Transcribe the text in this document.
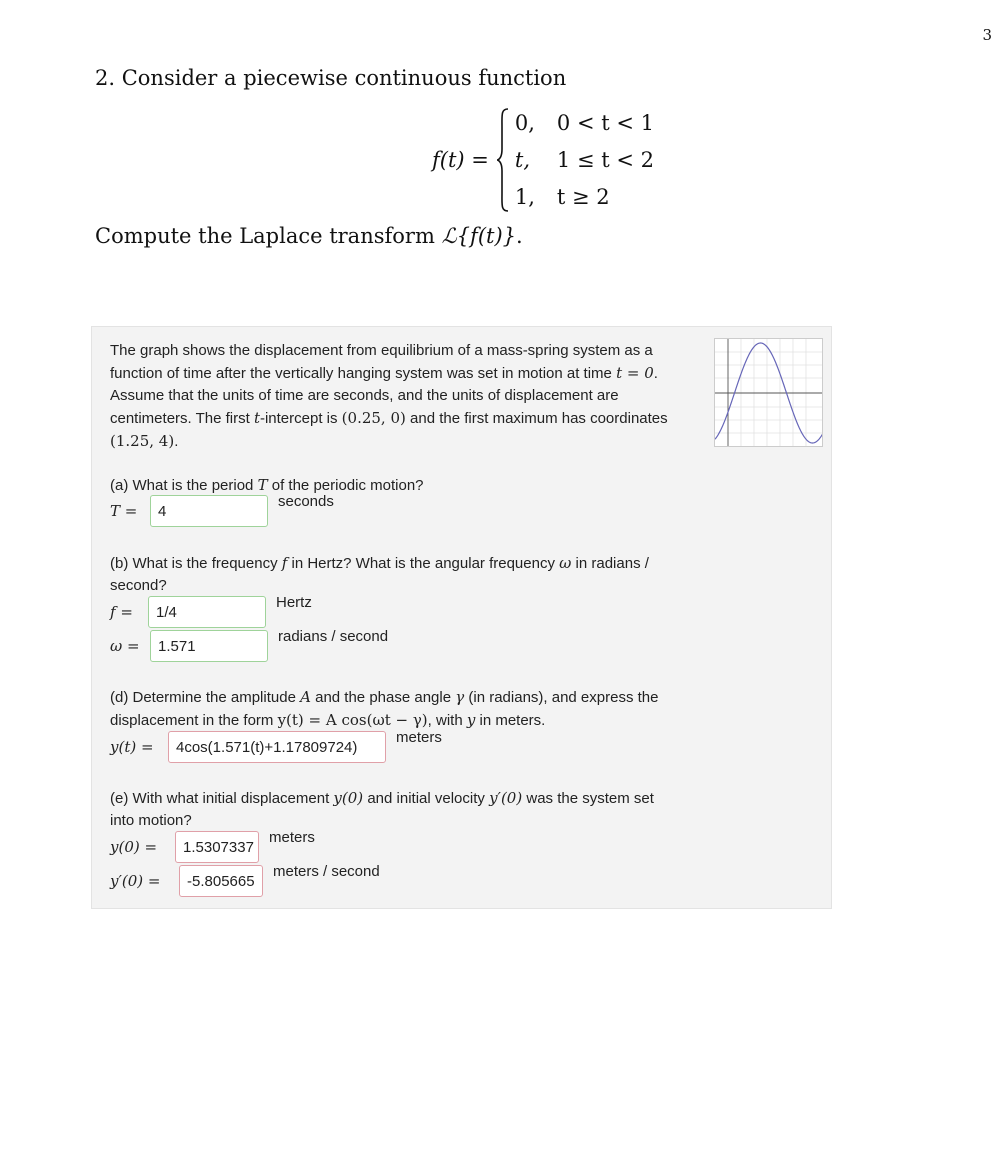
3
2. Consider a piecewise continuous function
f(t) =
0,	0 < t < 1
t,	1 ≤ t < 2
1,	t ≥ 2
Compute the Laplace transform ℒ{f(t)}.
The graph shows the displacement from equilibrium of a mass-spring system as a function of time after the vertically hanging system was set in motion at time t = 0. Assume that the units of time are seconds, and the units of displacement are centimeters. The first t-intercept is (0.25, 0) and the first maximum has coordinates (1.25, 4).
(a) What is the period T of the periodic motion?
T =	4
seconds
(b) What is the frequency f in Hertz? What is the angular frequency ω in radians / second?
f =	1/4
Hertz
ω =	1.571
radians / second
(d) Determine the amplitude A and the phase angle γ (in radians), and express the displacement in the form y(t) = A cos(ωt − γ), with y in meters.
y(t) =	4cos(1.571(t)+1.17809724)
meters
(e) With what initial displacement y(0) and initial velocity y′(0) was the system set into motion?
y(0) =	1.5307337
meters
y′(0) =	-5.805665
meters / second
